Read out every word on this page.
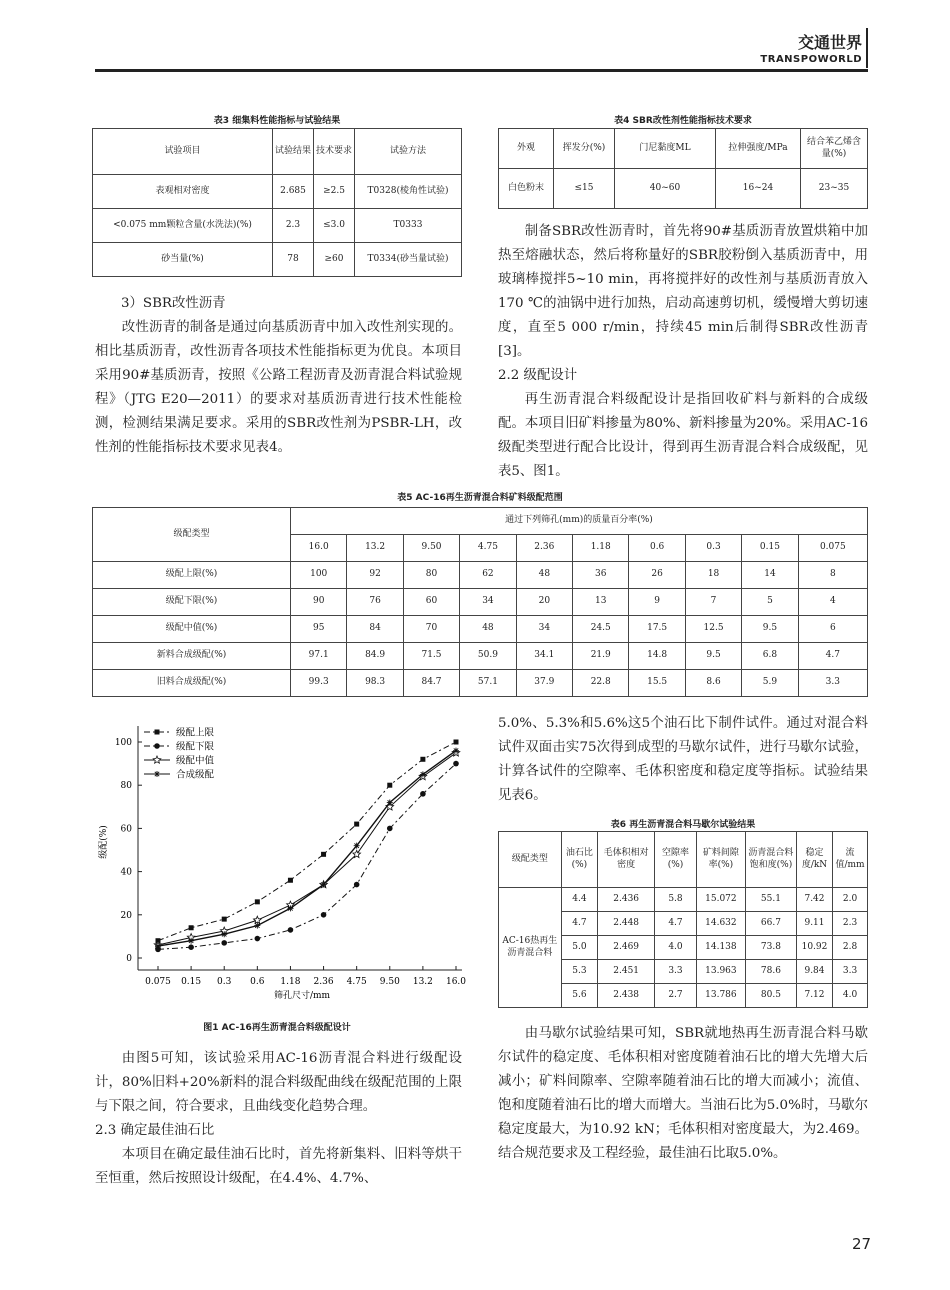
交通世界
TRANSPOWORLD
表3 细集料性能指标与试验结果
试验项目	试验结果	技术要求	试验方法
表观相对密度	2.685	≥2.5	T0328(棱角性试验)
<0.075 mm颗粒含量(水洗法)(%)	2.3	≤3.0	T0333
砂当量(%)	78	≥60	T0334(砂当量试验)
表4 SBR改性剂性能指标技术要求
外观	挥发分(%)	门尼黏度ML	拉伸强度/MPa	结合苯乙烯含量(%)
白色粉末	≤15	40~60	16~24	23~35

3）SBR改性沥青

改性沥青的制备是通过向基质沥青中加入改性剂实现的。相比基质沥青，改性沥青各项技术性能指标更为优良。本项目采用90#基质沥青，按照《公路工程沥青及沥青混合料试验规程》（JTG E20—2011）的要求对基质沥青进行技术性能检测，检测结果满足要求。采用的SBR改性剂为PSBR-LH，改性剂的性能指标技术要求见表4。

制备SBR改性沥青时，首先将90#基质沥青放置烘箱中加热至熔融状态，然后将称量好的SBR胶粉倒入基质沥青中，用玻璃棒搅拌5~10 min，再将搅拌好的改性剂与基质沥青放入170 ℃的油锅中进行加热，启动高速剪切机，缓慢增大剪切速度，直至5 000 r/min，持续45 min后制得SBR改性沥青[3]。

2.2 级配设计

再生沥青混合料级配设计是指回收矿料与新料的合成级配。本项目旧矿料掺量为80%、新料掺量为20%。采用AC-16级配类型进行配合比设计，得到再生沥青混合料合成级配，见表5、图1。

表5 AC-16再生沥青混合料矿料级配范围
级配类型	通过下列筛孔(mm)的质量百分率(%)									
	16.0	13.2	9.50	4.75	2.36	1.18	0.6	0.3	0.15	0.075
级配上限(%)	100	92	80	62	48	36	26	18	14	8
级配下限(%)	90	76	60	34	20	13	9	7	5	4
级配中值(%)	95	84	70	48	34	24.5	17.5	12.5	9.5	6
新料合成级配(%)	97.1	84.9	71.5	50.9	34.1	21.9	14.8	9.5	6.8	4.7
旧料合成级配(%)	99.3	98.3	84.7	57.1	37.9	22.8	15.5	8.6	5.9	3.3
0
20
40
60
80
100
0.075 0.15 0.3 0.6 1.18 2.36 4.75 9.50 13.2 16.0
筛孔尺寸/mm
级配(%)
级配上限
级配下限
级配中值
合成级配
图1 AC-16再生沥青混合料级配设计

5.0%、5.3%和5.6%这5个油石比下制件试件。通过对混合料试件双面击实75次得到成型的马歇尔试件，进行马歇尔试验，计算各试件的空隙率、毛体积密度和稳定度等指标。试验结果见表6。

表6 再生沥青混合料马歇尔试验结果
级配类型	油石比(%)	毛体积相对密度	空隙率(%)	矿料间隙率(%)	沥青混合料饱和度(%)	稳定度/kN	流值/mm
AC-16热再生沥青混合料	4.4	2.436	5.8	15.072	55.1	7.42	2.0
	4.7	2.448	4.7	14.632	66.7	9.11	2.3
	5.0	2.469	4.0	14.138	73.8	10.92	2.8
	5.3	2.451	3.3	13.963	78.6	9.84	3.3
	5.6	2.438	2.7	13.786	80.5	7.12	4.0

由图5可知，该试验采用AC-16沥青混合料进行级配设计，80%旧料+20%新料的混合料级配曲线在级配范围的上限与下限之间，符合要求，且曲线变化趋势合理。

2.3 确定最佳油石比

本项目在确定最佳油石比时，首先将新集料、旧料等烘干至恒重，然后按照设计级配，在4.4%、4.7%、

由马歇尔试验结果可知，SBR就地热再生沥青混合料马歇尔试件的稳定度、毛体积相对密度随着油石比的增大先增大后减小；矿料间隙率、空隙率随着油石比的增大而减小；流值、饱和度随着油石比的增大而增大。当油石比为5.0%时，马歇尔稳定度最大，为10.92 kN；毛体积相对密度最大，为2.469。结合规范要求及工程经验，最佳油石比取5.0%。

27
